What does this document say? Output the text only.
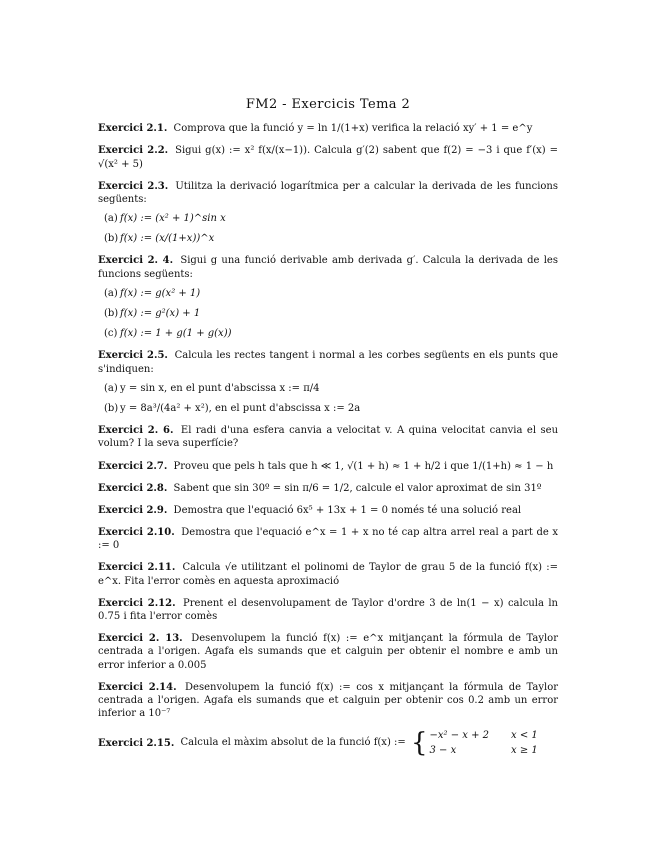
FM2 - Exercicis Tema 2
Exercici 2.1. Comprova que la funció y = ln 1/(1+x) verifica la relació xy′ + 1 = e^y
Exercici 2.2. Sigui g(x) := x² f(x/(x−1)). Calcula g′(2) sabent que f(2) = −3 i que f′(x) = √(x² + 5)
Exercici 2.3. Utilitza la derivació logarítmica per a calcular la derivada de les funcions següents:
(a) f(x) := (x² + 1)^sin x
(b) f(x) := (x/(1+x))^x
Exercici 2. 4. Sigui g una funció derivable amb derivada g′. Calcula la derivada de les funcions següents:
(a) f(x) := g(x² + 1)
(b) f(x) := g²(x) + 1
(c) f(x) := 1 + g(1 + g(x))
Exercici 2.5. Calcula les rectes tangent i normal a les corbes següents en els punts que s'indiquen:
(a) y = sin x, en el punt d'abscissa x := π/4
(b) y = 8a³/(4a² + x²), en el punt d'abscissa x := 2a
Exercici 2. 6. El radi d'una esfera canvia a velocitat v. A quina velocitat canvia el seu volum? I la seva superfície?
Exercici 2.7. Proveu que pels h tals que h ≪ 1, √(1 + h) ≈ 1 + h/2 i que 1/(1+h) ≈ 1 − h
Exercici 2.8. Sabent que sin 30º = sin π/6 = 1/2, calcule el valor aproximat de sin 31º
Exercici 2.9. Demostra que l'equació 6x⁵ + 13x + 1 = 0 només té una solució real
Exercici 2.10. Demostra que l'equació e^x = 1 + x no té cap altra arrel real a part de x := 0
Exercici 2.11. Calcula √e utilitzant el polinomi de Taylor de grau 5 de la funció f(x) := e^x. Fita l'error comès en aquesta aproximació
Exercici 2.12. Prenent el desenvolupament de Taylor d'ordre 3 de ln(1 − x) calcula ln 0.75 i fita l'error comès
Exercici 2. 13. Desenvolupem la funció f(x) := e^x mitjançant la fórmula de Taylor centrada a l'origen. Agafa els sumands que et calguin per obtenir el nombre e amb un error inferior a 0.005
Exercici 2.14. Desenvolupem la funció f(x) := cos x mitjançant la fórmula de Taylor centrada a l'origen. Agafa els sumands que et calguin per obtenir cos 0.2 amb un error inferior a 10⁻⁷
Exercici 2.15. Calcula el màxim absolut de la funció f(x) := { −x² − x + 2 x < 1
3 − x	x ≥ 1
